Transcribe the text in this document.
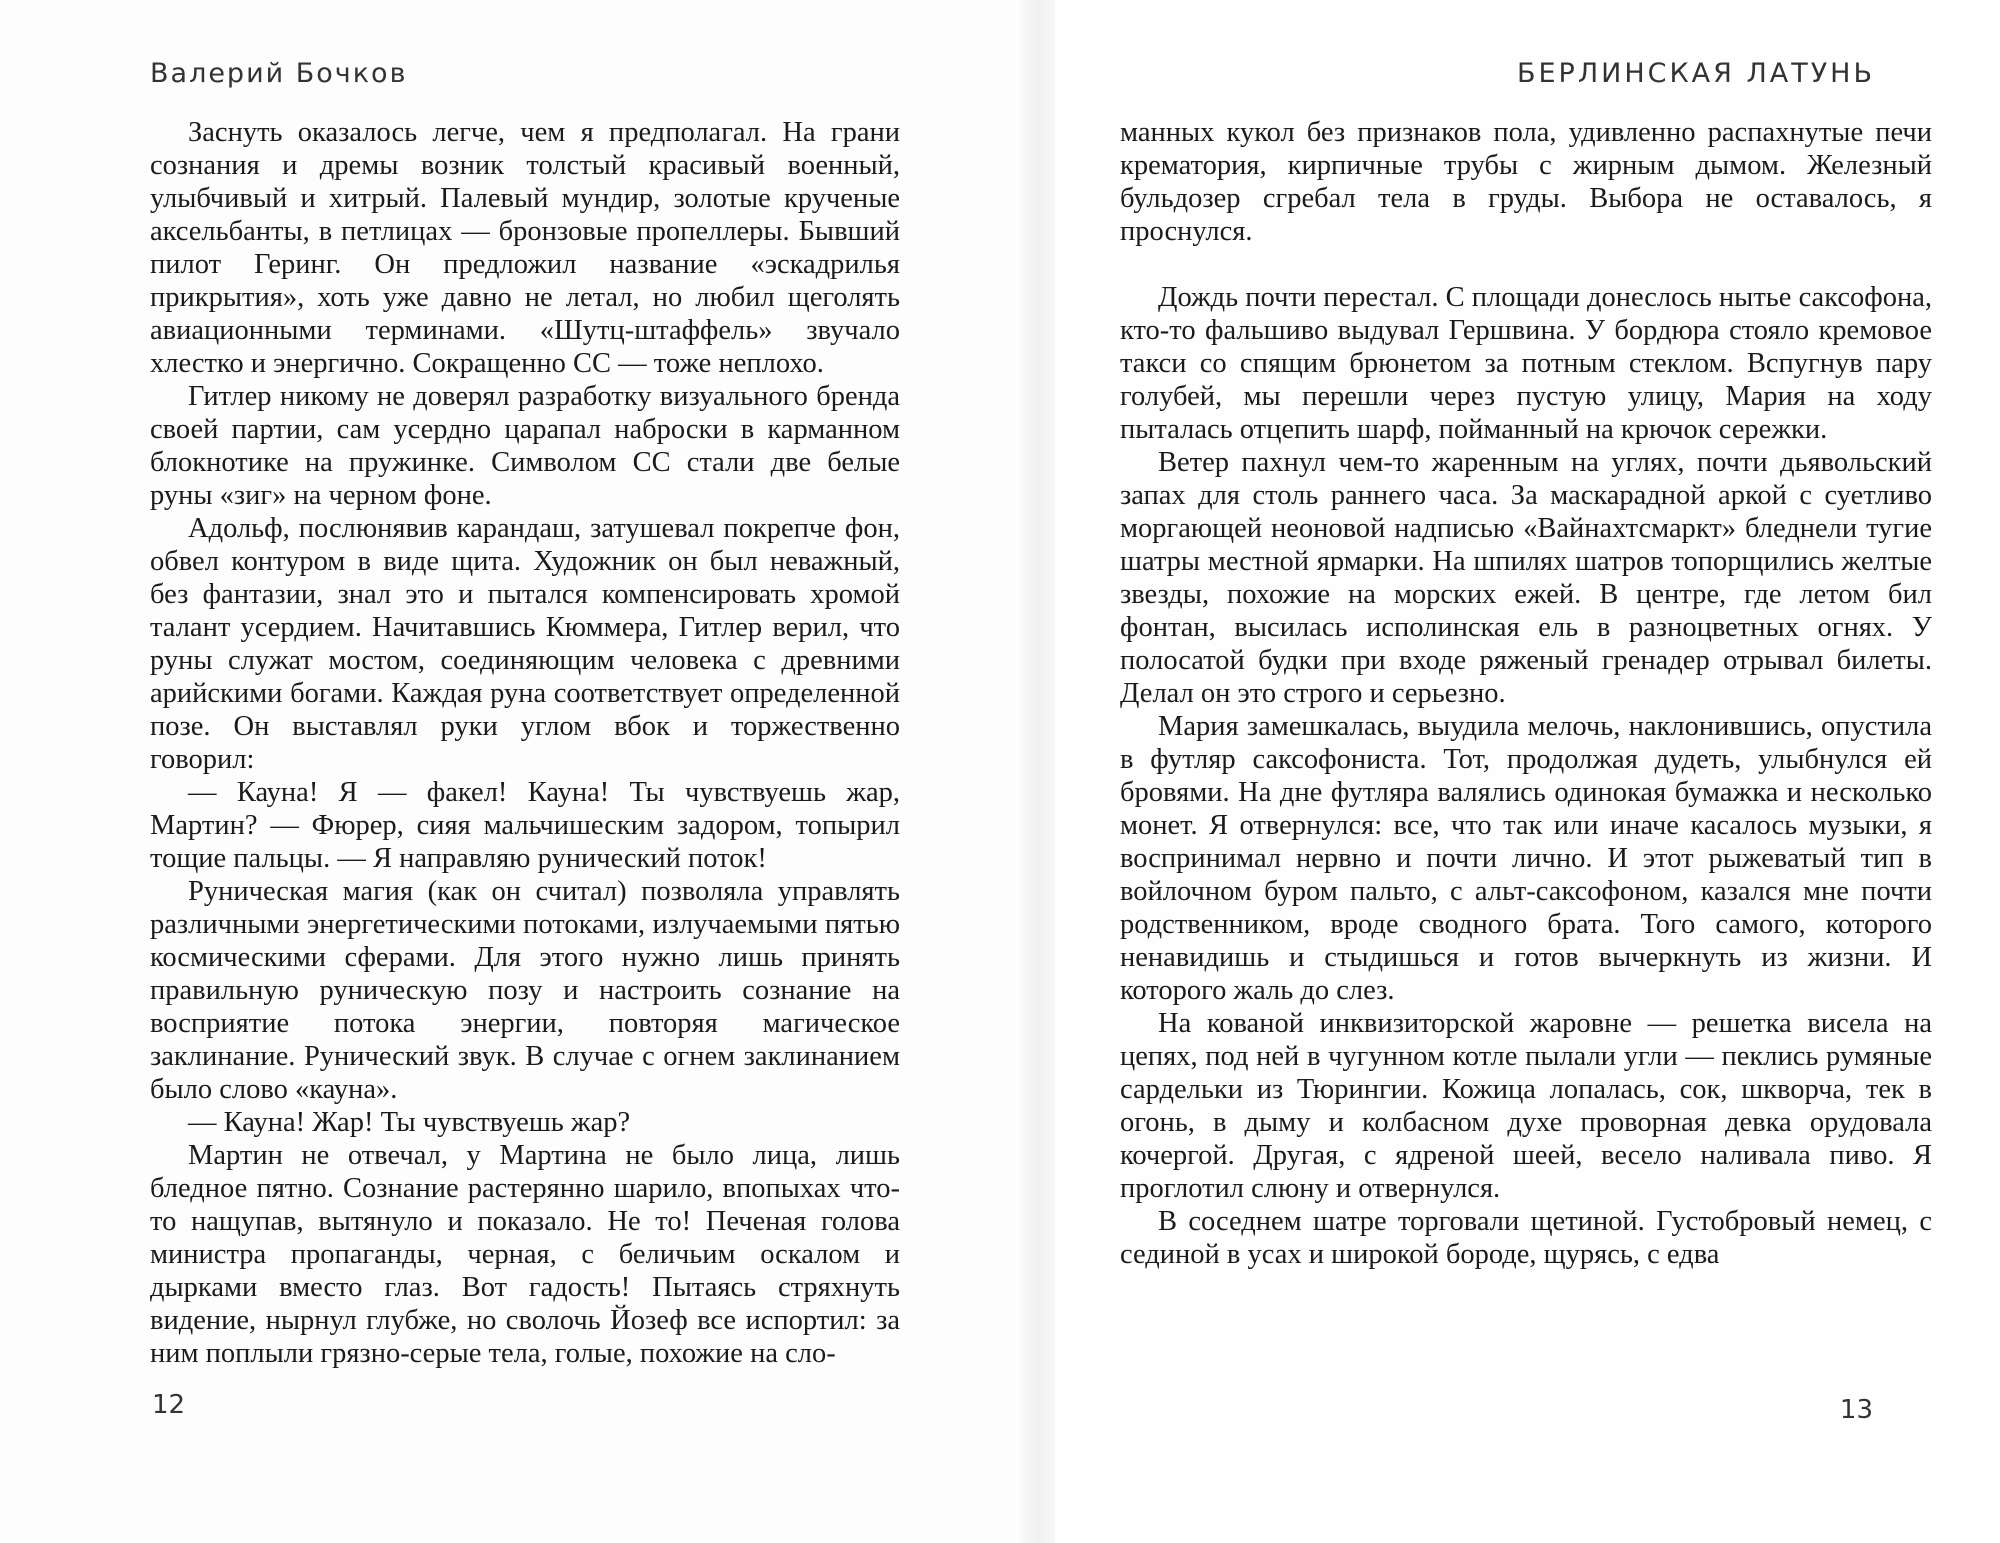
Валерий Бочков

Заснуть оказалось легче, чем я предполагал. На грани сознания и дремы возник толстый красивый военный, улыбчивый и хитрый. Палевый мундир, золотые крученые аксельбанты, в петлицах — бронзовые пропеллеры. Бывший пилот Геринг. Он предложил название «эскадрилья прикрытия», хоть уже давно не летал, но любил щеголять авиационными терминами. «Шутц-штаффель» звучало хлестко и энергично. Сокращенно СС — тоже неплохо.

Гитлер никому не доверял разработку визуального бренда своей партии, сам усердно царапал наброски в карманном блокнотике на пружинке. Символом СС стали две белые руны «зиг» на черном фоне.

Адольф, послюнявив карандаш, затушевал покрепче фон, обвел контуром в виде щита. Художник он был неважный, без фантазии, знал это и пытался компенсировать хромой талант усердием. Начитавшись Кюммера, Гитлер верил, что руны служат мостом, соединяющим человека с древними арийскими богами. Каждая руна соответствует определенной позе. Он выставлял руки углом вбок и торжественно говорил:

— Кауна! Я — факел! Кауна! Ты чувствуешь жар, Мартин? — Фюрер, сияя мальчишеским задором, топырил тощие пальцы. — Я направляю рунический поток!

Руническая магия (как он считал) позволяла управлять различными энергетическими потоками, излучаемыми пятью космическими сферами. Для этого нужно лишь принять правильную руническую позу и настроить сознание на восприятие потока энергии, повторяя магическое заклинание. Рунический звук. В случае с огнем заклинанием было слово «кауна».

— Кауна! Жар! Ты чувствуешь жар?

Мартин не отвечал, у Мартина не было лица, лишь бледное пятно. Сознание растерянно шарило, впопыхах что-то нащупав, вытянуло и показало. Не то! Печеная голова министра пропаганды, черная, с беличьим оскалом и дырками вместо глаз. Вот гадость! Пытаясь стряхнуть видение, нырнул глубже, но сволочь Йозеф все испортил: за ним поплыли грязно-серые тела, голые, похожие на сло-

12
БЕРЛИНСКАЯ ЛАТУНЬ

манных кукол без признаков пола, удивленно распахнутые печи крематория, кирпичные трубы с жирным дымом. Железный бульдозер сгребал тела в груды. Выбора не оставалось, я проснулся.

Дождь почти перестал. С площади донеслось нытье саксофона, кто-то фальшиво выдувал Гершвина. У бордюра стояло кремовое такси со спящим брюнетом за потным стеклом. Вспугнув пару голубей, мы перешли через пустую улицу, Мария на ходу пыталась отцепить шарф, пойманный на крючок сережки.

Ветер пахнул чем-то жаренным на углях, почти дьявольский запах для столь раннего часа. За маскарадной аркой с суетливо моргающей неоновой надписью «Вайнахтсмаркт» бледнели тугие шатры местной ярмарки. На шпилях шатров топорщились желтые звезды, похожие на морских ежей. В центре, где летом бил фонтан, высилась исполинская ель в разноцветных огнях. У полосатой будки при входе ряженый гренадер отрывал билеты. Делал он это строго и серьезно.

Мария замешкалась, выудила мелочь, наклонившись, опустила в футляр саксофониста. Тот, продолжая дудеть, улыбнулся ей бровями. На дне футляра валялись одинокая бумажка и несколько монет. Я отвернулся: все, что так или иначе касалось музыки, я воспринимал нервно и почти лично. И этот рыжеватый тип в войлочном буром пальто, с альт-саксофоном, казался мне почти родственником, вроде сводного брата. Того самого, которого ненавидишь и стыдишься и готов вычеркнуть из жизни. И которого жаль до слез.

На кованой инквизиторской жаровне — решетка висела на цепях, под ней в чугунном котле пылали угли — пеклись румяные сардельки из Тюрингии. Кожица лопалась, сок, шкворча, тек в огонь, в дыму и колбасном духе проворная девка орудовала кочергой. Другая, с ядреной шеей, весело наливала пиво. Я проглотил слюну и отвернулся.

В соседнем шатре торговали щетиной. Густобровый немец, с сединой в усах и широкой бороде, щурясь, с едва

13
